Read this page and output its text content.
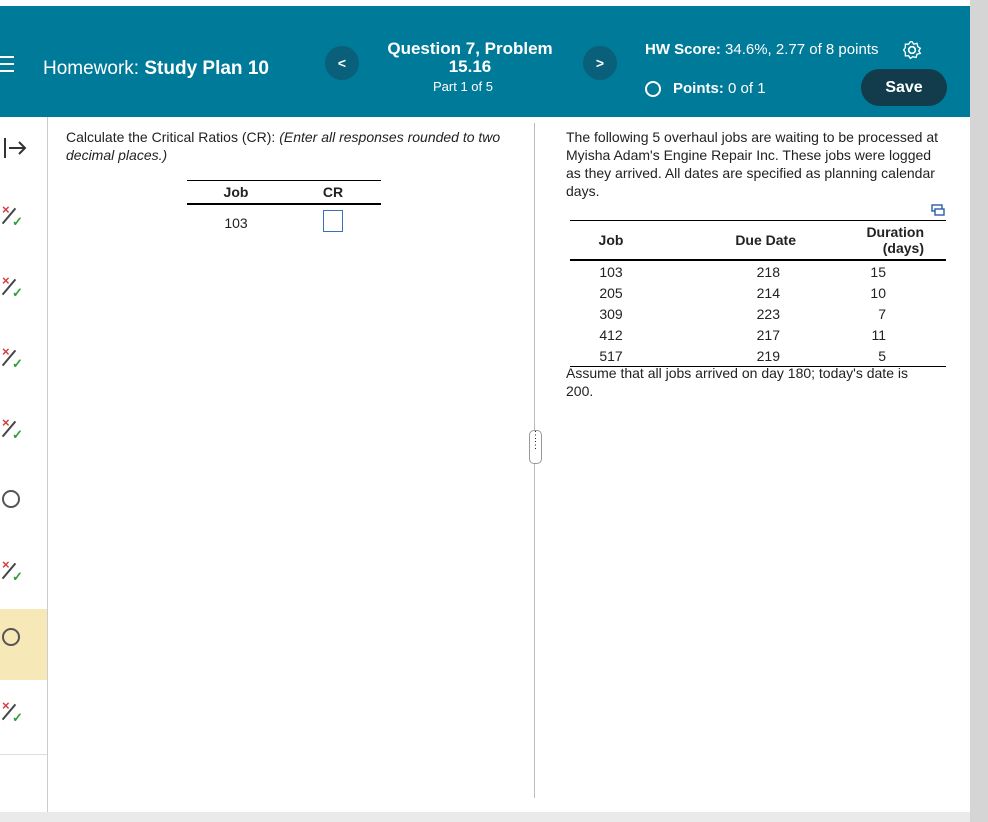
Homework: Study Plan 10	<
Question 7, Problem 15.16
Part 1 of 5
>
HW Score: 34.6%, 2.77 of 8 points
Points:
0 of 1	Save
×
✓
×
✓
×
✓
×
✓
×
✓
×
✓
Calculate the Critical Ratios (CR): (Enter all responses rounded to two decimal places.)
Job	CR
103	
⋮
⋮
The following 5 overhaul jobs are waiting to be processed at Myisha Adam's Engine Repair Inc. These jobs were logged as they arrived. All dates are specified as planning calendar days.
Job	Due Date	Duration (days)
103	218	15
205	214	10
309	223	7
412	217	11
517	219	5
Assume that all jobs arrived on day 180; today's date is 200.
